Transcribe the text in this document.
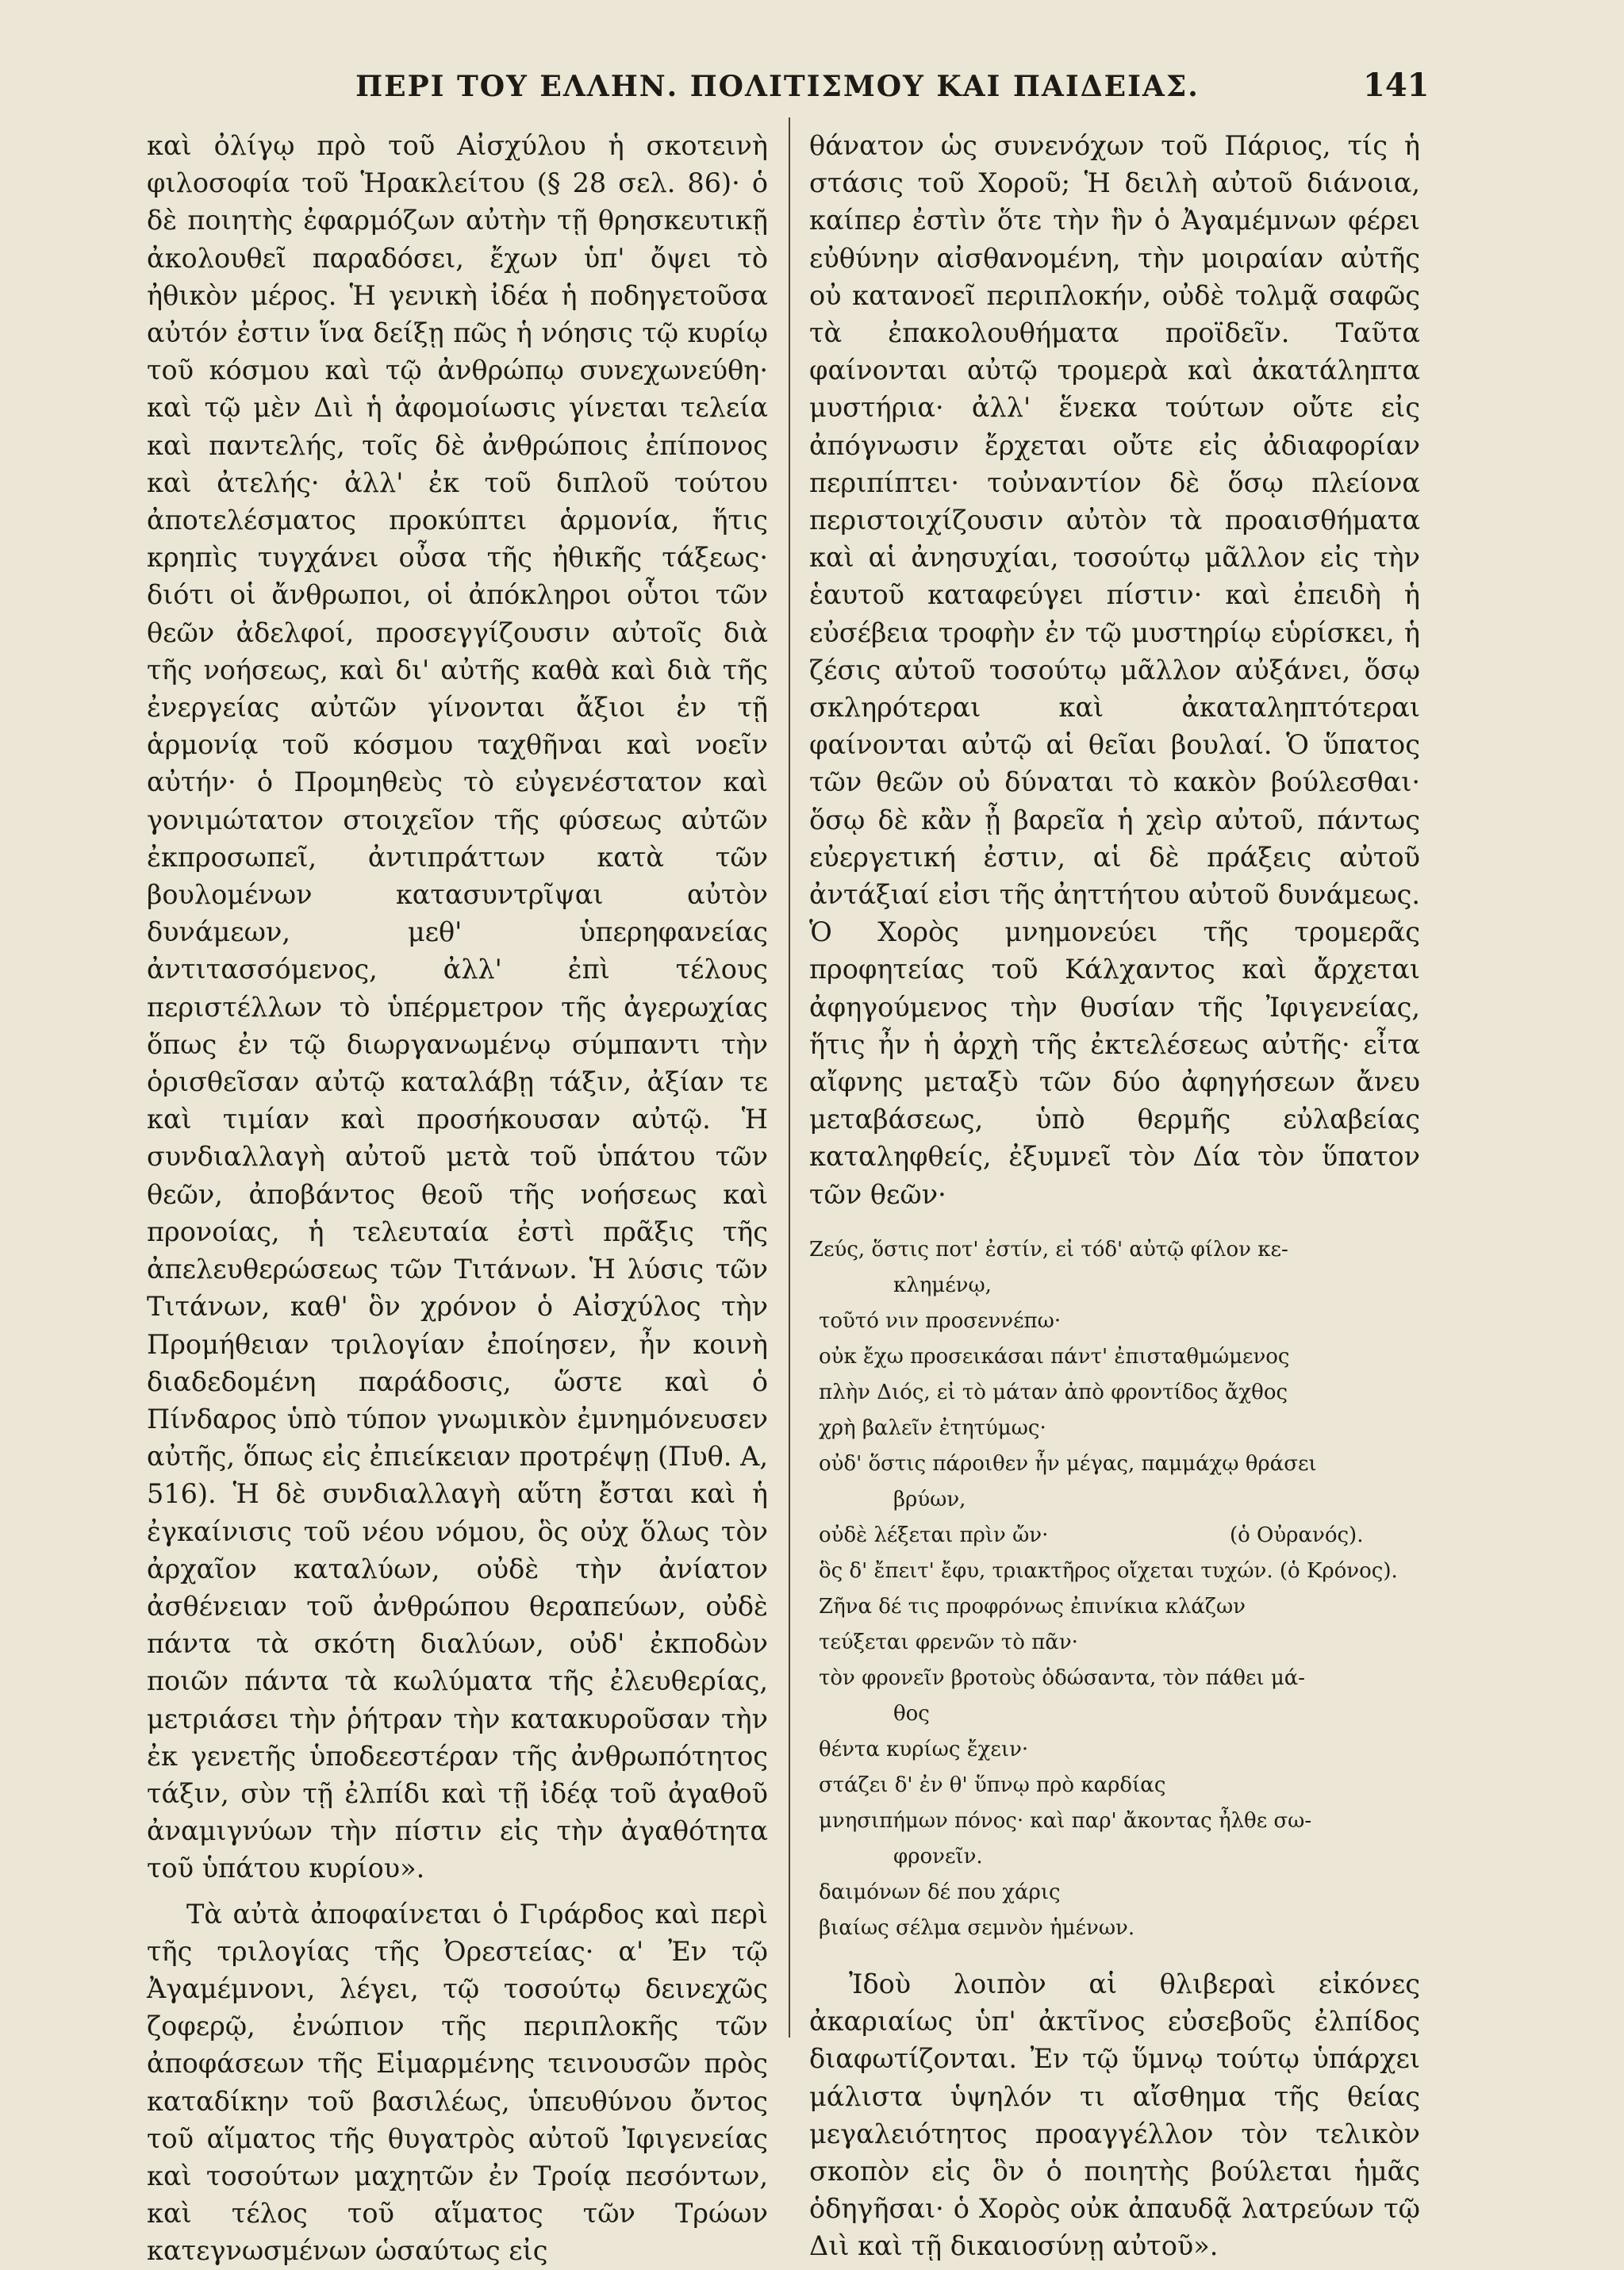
ΠΕΡΙ ΤΟΥ ΕΛΛΗΝ. ΠΟΛΙΤΙΣΜΟΥ ΚΑΙ ΠΑΙΔΕΙΑΣ.	141

καὶ ὀλίγῳ πρὸ τοῦ Αἰσχύλου ἡ σκοτεινὴ φιλοσοφία τοῦ Ἡρακλείτου (§ 28 σελ. 86)· ὁ δὲ ποιητὴς ἐφαρμόζων αὐτὴν τῇ θρησκευτικῇ ἀκολουθεῖ παραδόσει, ἔχων ὑπ' ὄψει τὸ ἠθικὸν μέρος. Ἡ γενικὴ ἰδέα ἡ ποδηγετοῦσα αὐτόν ἐστιν ἵνα δείξῃ πῶς ἡ νόησις τῷ κυρίῳ τοῦ κόσμου καὶ τῷ ἀνθρώπῳ συνεχωνεύθη· καὶ τῷ μὲν Διὶ ἡ ἀφομοίωσις γίνεται τελεία καὶ παντελής, τοῖς δὲ ἀνθρώποις ἐπίπονος καὶ ἀτελής· ἀλλ' ἐκ τοῦ διπλοῦ τούτου ἀποτελέσματος προκύπτει ἁρμονία, ἥτις κρηπὶς τυγχάνει οὖσα τῆς ἠθικῆς τάξεως· διότι οἱ ἄνθρωποι, οἱ ἀπόκληροι οὗτοι τῶν θεῶν ἀδελφοί, προσεγγίζουσιν αὐτοῖς διὰ τῆς νοήσεως, καὶ δι' αὐτῆς καθὰ καὶ διὰ τῆς ἐνεργείας αὐτῶν γίνονται ἄξιοι ἐν τῇ ἁρμονίᾳ τοῦ κόσμου ταχθῆναι καὶ νοεῖν αὐτήν· ὁ Προμηθεὺς τὸ εὐγενέστατον καὶ γονιμώτατον στοιχεῖον τῆς φύσεως αὐτῶν ἐκπροσωπεῖ, ἀντιπράττων κατὰ τῶν βουλομένων κατασυντρῖψαι αὐτὸν δυνάμεων, μεθ' ὑπερηφανείας ἀντιτασσόμενος, ἀλλ' ἐπὶ τέλους περιστέλλων τὸ ὑπέρμετρον τῆς ἀγερωχίας ὅπως ἐν τῷ διωργανωμένῳ σύμπαντι τὴν ὁρισθεῖσαν αὐτῷ καταλάβῃ τάξιν, ἀξίαν τε καὶ τιμίαν καὶ προσήκουσαν αὐτῷ. Ἡ συνδιαλλαγὴ αὐτοῦ μετὰ τοῦ ὑπάτου τῶν θεῶν, ἀποβάντος θεοῦ τῆς νοήσεως καὶ προνοίας, ἡ τελευταία ἐστὶ πρᾶξις τῆς ἀπελευθερώσεως τῶν Τιτάνων. Ἡ λύσις τῶν Τιτάνων, καθ' ὃν χρόνον ὁ Αἰσχύλος τὴν Προμήθειαν τριλογίαν ἐποίησεν, ἦν κοινὴ διαδεδομένη παράδοσις, ὥστε καὶ ὁ Πίνδαρος ὑπὸ τύπον γνωμικὸν ἐμνημόνευσεν αὐτῆς, ὅπως εἰς ἐπιείκειαν προτρέψῃ (Πυθ. Α, 516). Ἡ δὲ συνδιαλλαγὴ αὕτη ἔσται καὶ ἡ ἐγκαίνισις τοῦ νέου νόμου, ὃς οὐχ ὅλως τὸν ἀρχαῖον καταλύων, οὐδὲ τὴν ἀνίατον ἀσθένειαν τοῦ ἀνθρώπου θεραπεύων, οὐδὲ πάντα τὰ σκότη διαλύων, οὐδ' ἐκποδὼν ποιῶν πάντα τὰ κωλύματα τῆς ἐλευθερίας, μετριάσει τὴν ῥήτραν τὴν κατακυροῦσαν τὴν ἐκ γενετῆς ὑποδεεστέραν τῆς ἀνθρωπότητος τάξιν, σὺν τῇ ἐλπίδι καὶ τῇ ἰδέᾳ τοῦ ἀγαθοῦ ἀναμιγνύων τὴν πίστιν εἰς τὴν ἀγαθότητα τοῦ ὑπάτου κυρίου».

Τὰ αὐτὰ ἀποφαίνεται ὁ Γιράρδος καὶ περὶ τῆς τριλογίας τῆς Ὀρεστείας· α' Ἐν τῷ Ἀγαμέμνονι, λέγει, τῷ τοσούτῳ δεινεχῶς ζοφερῷ, ἐνώπιον τῆς περιπλοκῆς τῶν ἀποφάσεων τῆς Εἱμαρμένης τεινουσῶν πρὸς καταδίκην τοῦ βασιλέως, ὑπευθύνου ὄντος τοῦ αἵματος τῆς θυγατρὸς αὐτοῦ Ἰφιγενείας καὶ τοσούτων μαχητῶν ἐν Τροίᾳ πεσόντων, καὶ τέλος τοῦ αἵματος τῶν Τρώων κατεγνωσμένων ὡσαύτως εἰς

θάνατον ὡς συνενόχων τοῦ Πάριος, τίς ἡ στάσις τοῦ Χοροῦ; Ἡ δειλὴ αὐτοῦ διάνοια, καίπερ ἐστὶν ὅτε τὴν ἣν ὁ Ἀγαμέμνων φέρει εὐθύνην αἰσθανομένη, τὴν μοιραίαν αὐτῆς οὐ κατανοεῖ περιπλοκήν, οὐδὲ τολμᾷ σαφῶς τὰ ἐπακολουθήματα προϊδεῖν. Ταῦτα φαίνονται αὐτῷ τρομερὰ καὶ ἀκατάληπτα μυστήρια· ἀλλ' ἕνεκα τούτων οὔτε εἰς ἀπόγνωσιν ἔρχεται οὔτε εἰς ἀδιαφορίαν περιπίπτει· τοὐναντίον δὲ ὅσῳ πλείονα περιστοιχίζουσιν αὐτὸν τὰ προαισθήματα καὶ αἱ ἀνησυχίαι, τοσούτῳ μᾶλλον εἰς τὴν ἑαυτοῦ καταφεύγει πίστιν· καὶ ἐπειδὴ ἡ εὐσέβεια τροφὴν ἐν τῷ μυστηρίῳ εὑρίσκει, ἡ ζέσις αὐτοῦ τοσούτῳ μᾶλλον αὐξάνει, ὅσῳ σκληρότεραι καὶ ἀκαταληπτότεραι φαίνονται αὐτῷ αἱ θεῖαι βουλαί. Ὁ ὕπατος τῶν θεῶν οὐ δύναται τὸ κακὸν βούλεσθαι· ὅσῳ δὲ κἂν ᾖ βαρεῖα ἡ χεὶρ αὐτοῦ, πάντως εὐεργετική ἐστιν, αἱ δὲ πράξεις αὐτοῦ ἀντάξιαί εἰσι τῆς ἀηττήτου αὐτοῦ δυνάμεως. Ὁ Χορὸς μνημονεύει τῆς τρομερᾶς προφητείας τοῦ Κάλχαντος καὶ ἄρχεται ἀφηγούμενος τὴν θυσίαν τῆς Ἰφιγενείας, ἥτις ἦν ἡ ἀρχὴ τῆς ἐκτελέσεως αὐτῆς· εἶτα αἴφνης μεταξὺ τῶν δύο ἀφηγήσεων ἄνευ μεταβάσεως, ὑπὸ θερμῆς εὐλαβείας καταληφθείς, ἐξυμνεῖ τὸν Δία τὸν ὕπατον τῶν θεῶν·

Ζεύς, ὅστις ποτ' ἐστίν, εἰ τόδ' αὐτῷ φίλον κε-
κλημένῳ,
τοῦτό νιν προσεννέπω·
οὐκ ἔχω προσεικάσαι πάντ' ἐπισταθμώμενος
πλὴν Διός, εἰ τὸ μάταν ἀπὸ φροντίδος ἄχθος
χρὴ βαλεῖν ἐτητύμως·
οὐδ' ὅστις πάροιθεν ἦν μέγας, παμμάχῳ θράσει
βρύων,
οὐδὲ λέξεται πρὶν ὤν·	(ὁ Οὐρανός).
ὃς δ' ἔπειτ' ἔφυ, τριακτῆρος οἴχεται τυχών. (ὁ Κρόνος).
Ζῆνα δέ τις προφρόνως ἐπινίκια κλάζων
τεύξεται φρενῶν τὸ πᾶν·
τὸν φρονεῖν βροτοὺς ὁδώσαντα, τὸν πάθει μά-
θος
θέντα κυρίως ἔχειν·
στάζει δ' ἐν θ' ὕπνῳ πρὸ καρδίας
μνησιπήμων πόνος· καὶ παρ' ἄκοντας ἦλθε σω-
φρονεῖν.
δαιμόνων δέ που χάρις
βιαίως σέλμα σεμνὸν ἡμένων.

Ἰδοὺ λοιπὸν αἱ θλιβεραὶ εἰκόνες ἀκαριαίως ὑπ' ἀκτῖνος εὐσεβοῦς ἐλπίδος διαφωτίζονται. Ἐν τῷ ὕμνῳ τούτῳ ὑπάρχει μάλιστα ὑψηλόν τι αἴσθημα τῆς θείας μεγαλειότητος προαγγέλλον τὸν τελικὸν σκοπὸν εἰς ὃν ὁ ποιητὴς βούλεται ἡμᾶς ὁδηγῆσαι· ὁ Χορὸς οὐκ ἀπαυδᾷ λατρεύων τῷ Διὶ καὶ τῇ δικαιοσύνῃ αὐτοῦ».
